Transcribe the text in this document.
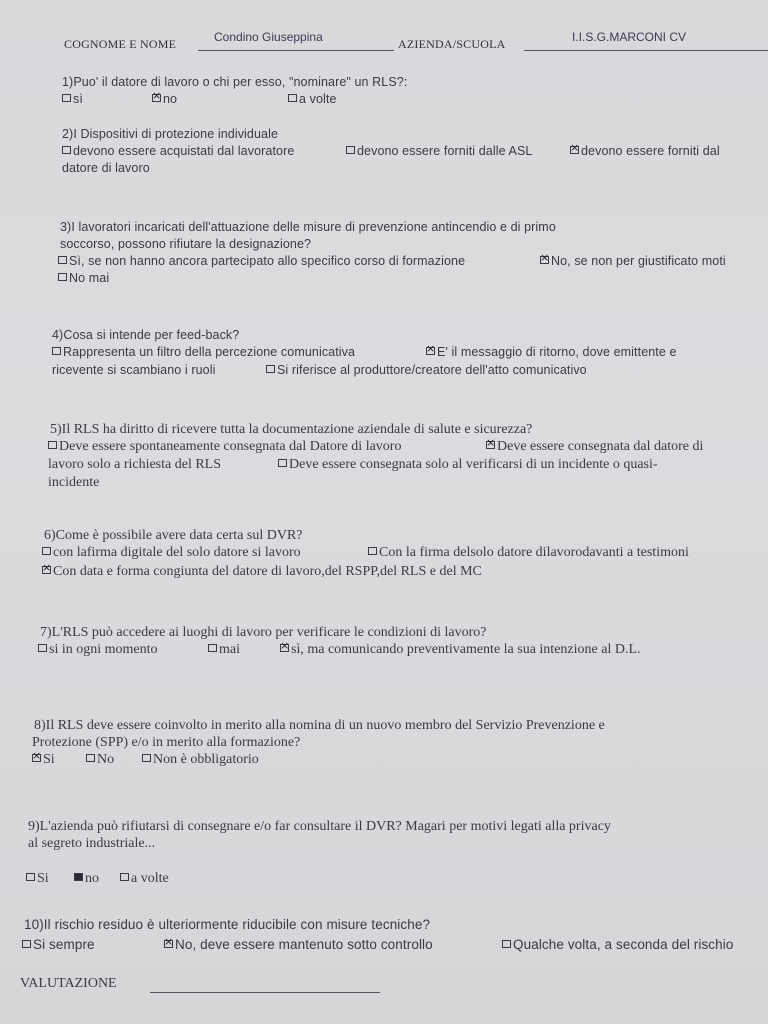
COGNOME E NOME	Condino Giuseppina	AZIENDA/SCUOLA	I.I.S.G.MARCONI CV
1)Puo' il datore di lavoro o chi per esso, "nominare" un RLS?:
sì ×	no	a volte
2)I Dispositivi di protezione individuale
devono essere acquistati dal lavoratore	devono essere forniti dalle ASL ×	devono essere forniti dal
datore di lavoro
3)I lavoratori incaricati dell'attuazione delle misure di prevenzione antincendio e di primo
soccorso, possono rifiutare la designazione?
Sì, se non hanno ancora partecipato allo specifico corso di formazione ×	No, se non per giustificato moti
No mai
4)Cosa si intende per feed-back?
Rappresenta un filtro della percezione comunicativa ×	E' il messaggio di ritorno, dove emittente e
ricevente si scambiano i ruoli	Si riferisce al produttore/creatore dell'atto comunicativo
5)Il RLS ha diritto di ricevere tutta la documentazione aziendale di salute e sicurezza?
Deve essere spontaneamente consegnata dal Datore di lavoro ×	Deve essere consegnata dal datore di
lavoro solo a richiesta del RLS	Deve essere consegnata solo al verificarsi di un incidente o quasi-
incidente
6)Come è possibile avere data certa sul DVR?
con lafirma digitale del solo datore si lavoro	Con la firma delsolo datore dilavorodavanti a testimoni
×Con data e forma congiunta del datore di lavoro,del RSPP,del RLS e del MC
7)L'RLS può accedere ai luoghi di lavoro per verificare le condizioni di lavoro?
si in ogni momento	mai ×	sì, ma comunicando preventivamente la sua intenzione al D.L.
8)Il RLS deve essere coinvolto in merito alla nomina di un nuovo membro del Servizio Prevenzione e
Protezione (SPP) e/o in merito alla formazione?
×Si	No	Non è obbligatorio
9)L'azienda può rifiutarsi di consegnare e/o far consultare il DVR? Magari per motivi legati alla privacy
al segreto industriale...
Si	no	a volte
10)Il rischio residuo è ulteriormente riducibile con misure tecniche?
Si sempre ×	No, deve essere mantenuto sotto controllo	Qualche volta, a seconda del rischio
VALUTAZIONE
